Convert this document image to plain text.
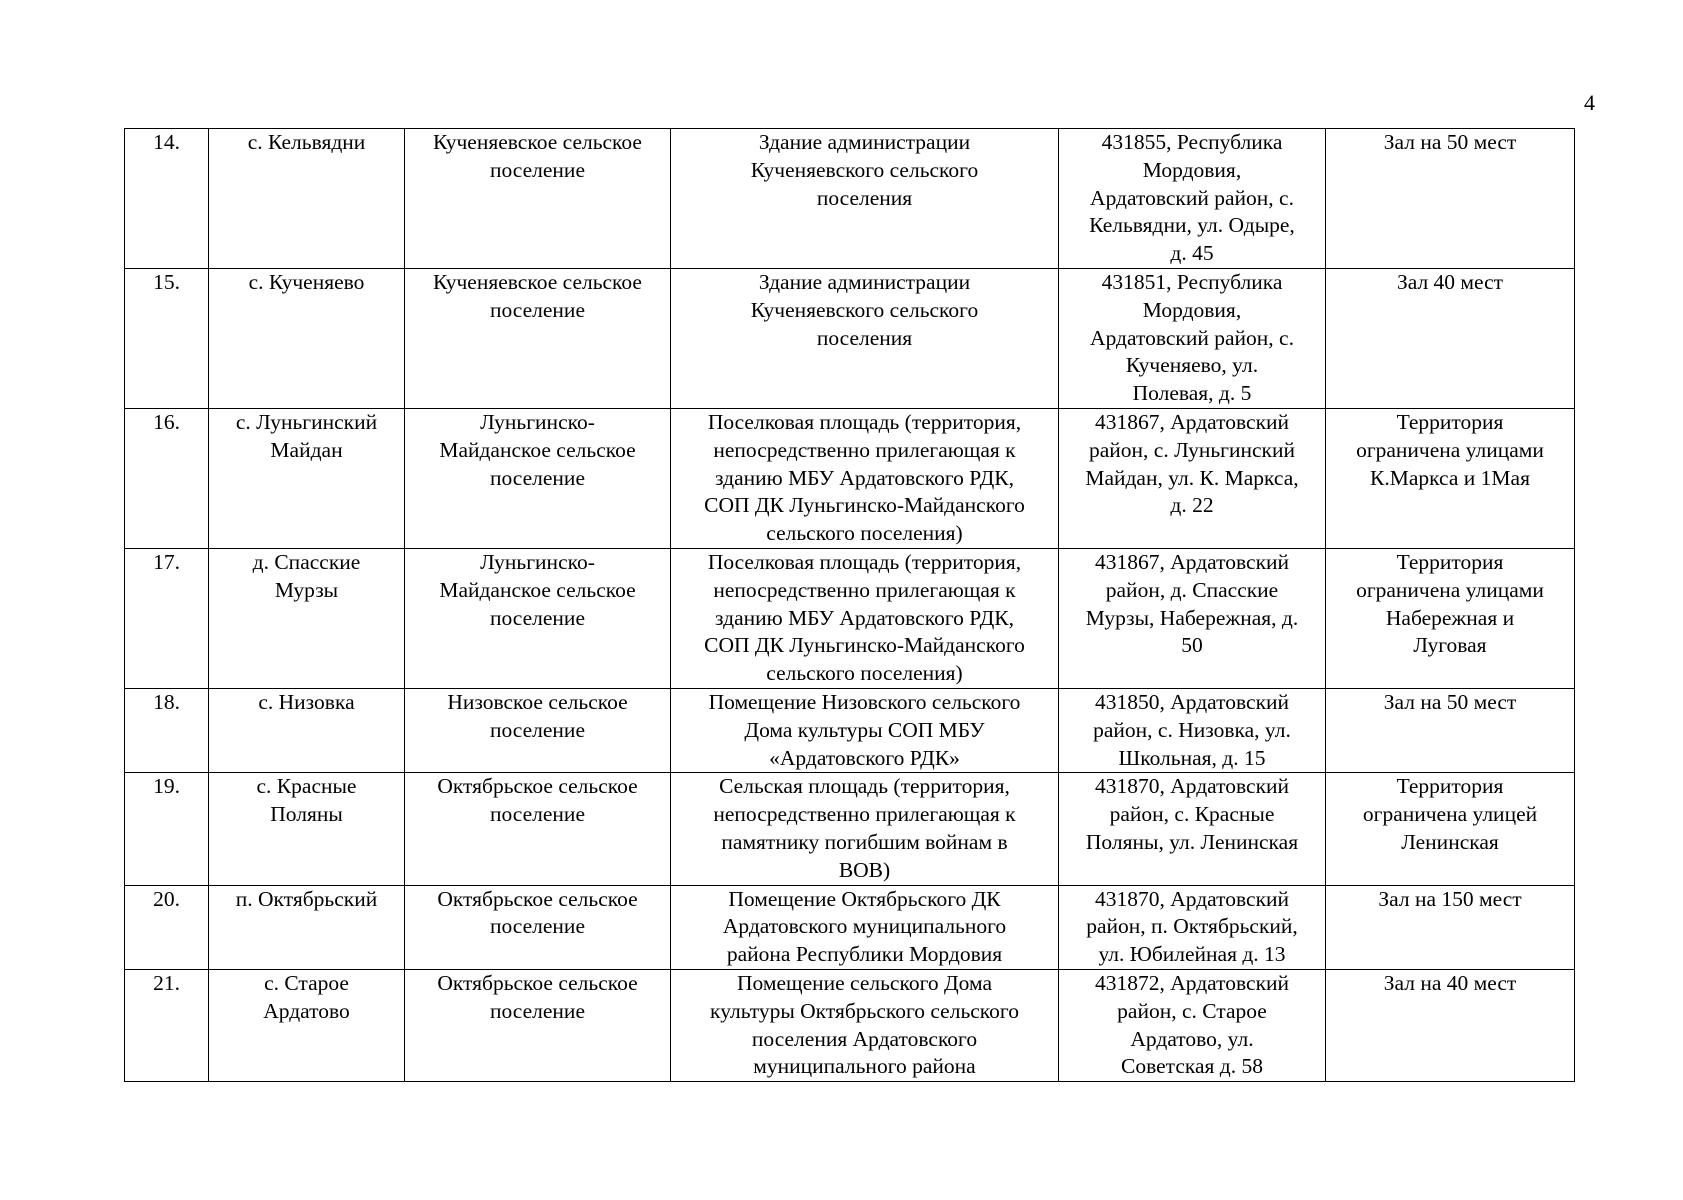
4
14.	с. Кельвядни	Кученяевское сельское
поселение	Здание администрации
Кученяевского сельского
поселения	431855, Республика
Мордовия,
Ардатовский район, с.
Кельвядни, ул. Одыре,
д. 45	Зал на 50 мест
15.	с. Кученяево	Кученяевское сельское
поселение	Здание администрации
Кученяевского сельского
поселения	431851, Республика
Мордовия,
Ардатовский район, с.
Кученяево, ул.
Полевая, д. 5	Зал 40 мест
16.	с. Луньгинский
Майдан	Луньгинско-
Майданское сельское
поселение	Поселковая площадь (территория,
непосредственно прилегающая к
зданию МБУ Ардатовского РДК,
СОП ДК Луньгинско-Майданского
сельского поселения)	431867, Ардатовский
район, с. Луньгинский
Майдан, ул. К. Маркса,
д. 22	Территория
ограничена улицами
К.Маркса и 1Мая
17.	д. Спасские
Мурзы	Луньгинско-
Майданское сельское
поселение	Поселковая площадь (территория,
непосредственно прилегающая к
зданию МБУ Ардатовского РДК,
СОП ДК Луньгинско-Майданского
сельского поселения)	431867, Ардатовский
район, д. Спасские
Мурзы, Набережная, д.
50	Территория
ограничена улицами
Набережная и
Луговая
18.	с. Низовка	Низовское сельское
поселение	Помещение Низовского сельского
Дома культуры СОП МБУ
«Ардатовского РДК»	431850, Ардатовский
район, с. Низовка, ул.
Школьная, д. 15	Зал на 50 мест
19.	с. Красные
Поляны	Октябрьское сельское
поселение	Сельская площадь (территория,
непосредственно прилегающая к
памятнику погибшим войнам в
ВОВ)	431870, Ардатовский
район, с. Красные
Поляны, ул. Ленинская	Территория
ограничена улицей
Ленинская
20.	п. Октябрьский	Октябрьское сельское
поселение	Помещение Октябрьского ДК
Ардатовского муниципального
района Республики Мордовия	431870, Ардатовский
район, п. Октябрьский,
ул. Юбилейная д. 13	Зал на 150 мест
21.	с. Старое
Ардатово	Октябрьское сельское
поселение	Помещение сельского Дома
культуры Октябрьского сельского
поселения Ардатовского
муниципального района	431872, Ардатовский
район, с. Старое
Ардатово, ул.
Советская д. 58	Зал на 40 мест
